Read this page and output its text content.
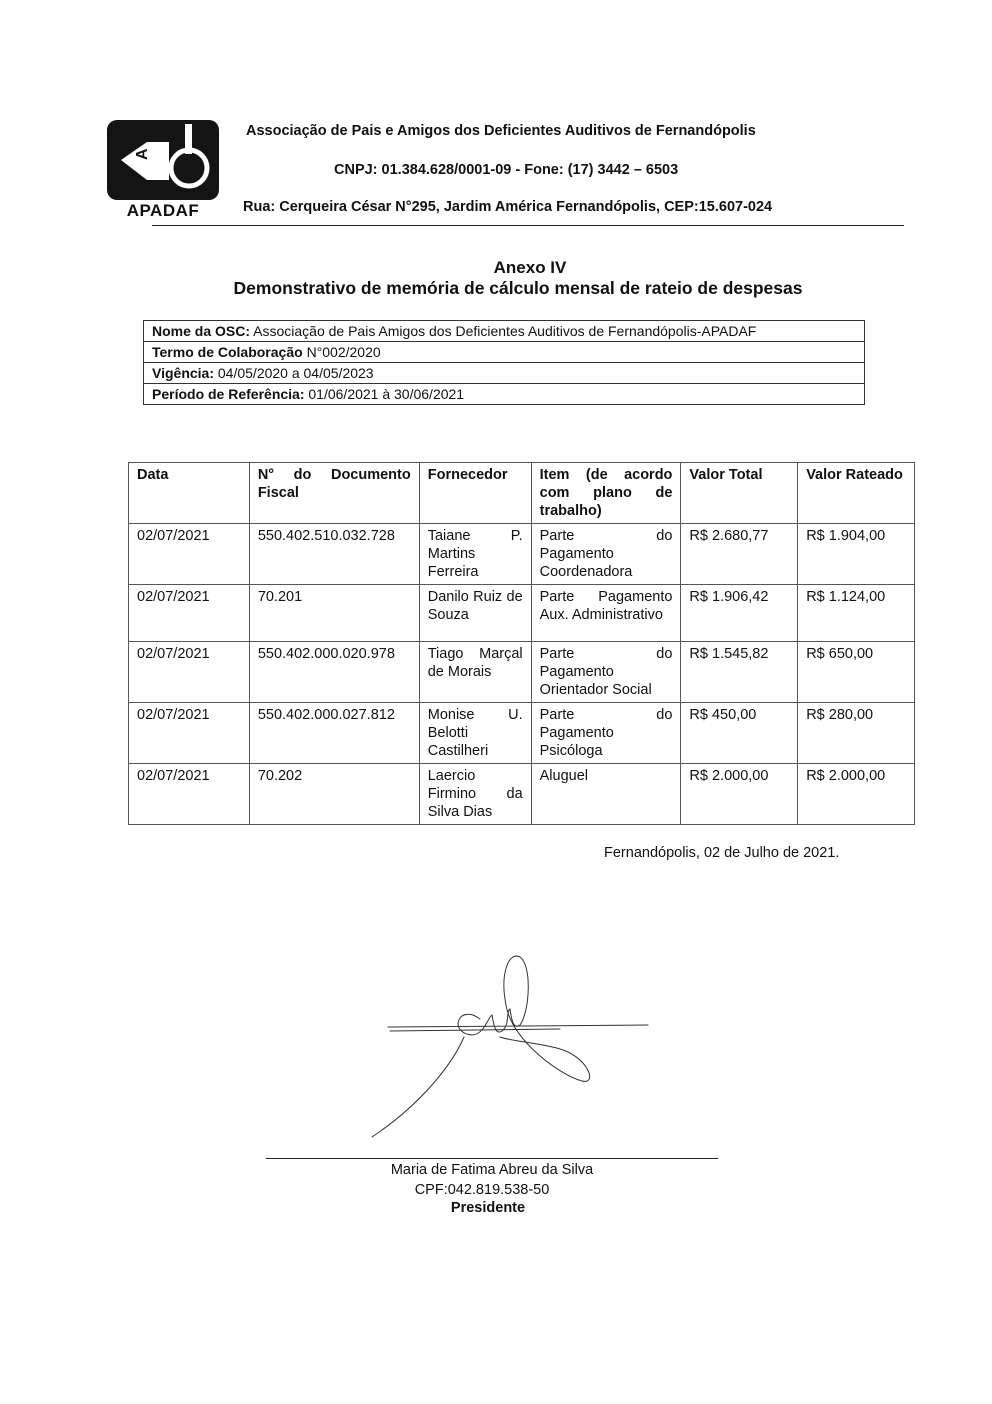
A
APADAF
Associação de Pais e Amigos dos Deficientes Auditivos de Fernandópolis
CNPJ: 01.384.628/0001-09 - Fone: (17) 3442 – 6503
Rua: Cerqueira César N°295, Jardim América Fernandópolis, CEP:15.607-024
Anexo IV
Demonstrativo de memória de cálculo mensal de rateio de despesas
Nome da OSC: Associação de Pais Amigos dos Deficientes Auditivos de Fernandópolis-APADAF
Termo de Colaboração N°002/2020
Vigência: 04/05/2020 a 04/05/2023
Período de Referência: 01/06/2021 à 30/06/2021
Data	N° do Documento Fiscal	Fornecedor	Item (de acordo com plano de trabalho)	Valor Total	Valor Rateado
02/07/2021	550.402.510.032.728	Taiane P. Martins Ferreira	Parte do Pagamento Coordenadora	R$ 2.680,77	R$ 1.904,00
02/07/2021	70.201	Danilo Ruiz de Souza	Parte Pagamento Aux. Administrativo	R$ 1.906,42	R$ 1.124,00
02/07/2021	550.402.000.020.978	Tiago Marçal de Morais	Parte do Pagamento Orientador Social	R$ 1.545,82	R$ 650,00
02/07/2021	550.402.000.027.812	Monise U. Belotti Castilheri	Parte do Pagamento Psicóloga	R$ 450,00	R$ 280,00
02/07/2021	70.202	Laercio Firmino da Silva Dias	Aluguel	R$ 2.000,00	R$ 2.000,00
Fernandópolis, 02 de Julho de 2021.
Maria de Fatima Abreu da Silva
CPF:042.819.538-50
Presidente
